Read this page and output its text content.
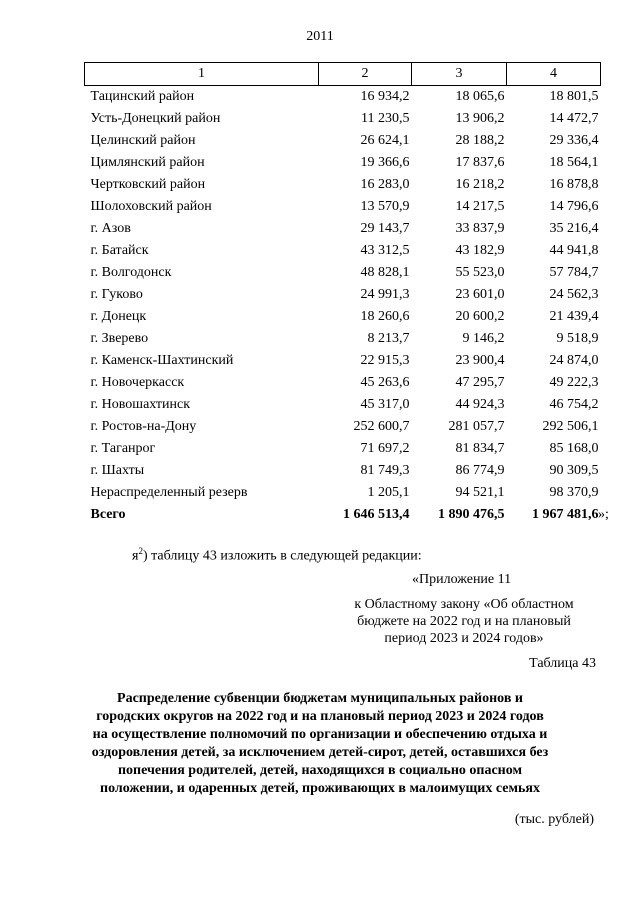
2011
1	2	3	4
Тацинский район	16 934,2	18 065,6	18 801,5
Усть-Донецкий район	11 230,5	13 906,2	14 472,7
Целинский район	26 624,1	28 188,2	29 336,4
Цимлянский район	19 366,6	17 837,6	18 564,1
Чертковский район	16 283,0	16 218,2	16 878,8
Шолоховский район	13 570,9	14 217,5	14 796,6
г. Азов	29 143,7	33 837,9	35 216,4
г. Батайск	43 312,5	43 182,9	44 941,8
г. Волгодонск	48 828,1	55 523,0	57 784,7
г. Гуково	24 991,3	23 601,0	24 562,3
г. Донецк	18 260,6	20 600,2	21 439,4
г. Зверево	8 213,7	9 146,2	9 518,9
г. Каменск-Шахтинский	22 915,3	23 900,4	24 874,0
г. Новочеркасск	45 263,6	47 295,7	49 222,3
г. Новошахтинск	45 317,0	44 924,3	46 754,2
г. Ростов-на-Дону	252 600,7	281 057,7	292 506,1
г. Таганрог	71 697,2	81 834,7	85 168,0
г. Шахты	81 749,3	86 774,9	90 309,5
Нераспределенный резерв	1 205,1	94 521,1	98 370,9
Всего	1 646 513,4	1 890 476,5	1 967 481,6 »;
$я^2$) таблицу 43 изложить в следующей редакции:
«Приложение 11
к Областному закону «Об областном
бюджете на 2022 год и на плановый
период 2023 и 2024 годов»
Таблица 43
Распределение субвенции бюджетам муниципальных районов и
городских округов на 2022 год и на плановый период 2023 и 2024 годов
на осуществление полномочий по организации и обеспечению отдыха и
оздоровления детей, за исключением детей-сирот, детей, оставшихся без
попечения родителей, детей, находящихся в социально опасном
положении, и одаренных детей, проживающих в малоимущих семьях
(тыс. рублей)
